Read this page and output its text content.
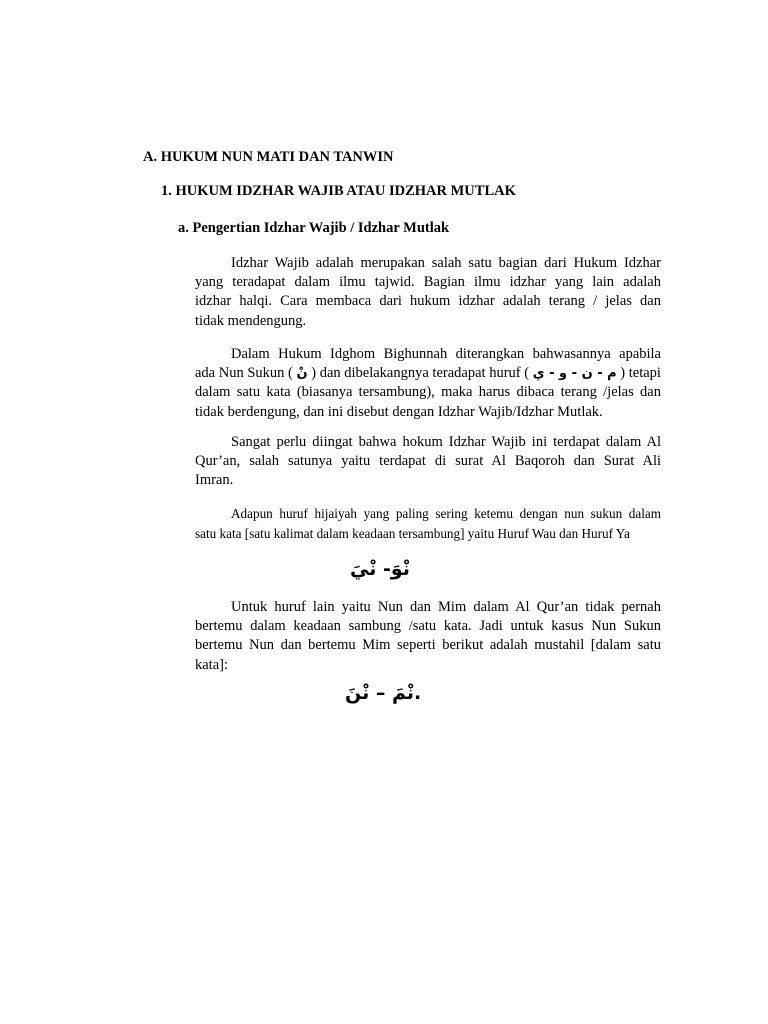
A. HUKUM NUN MATI DAN TANWIN
1. HUKUM IDZHAR WAJIB ATAU IDZHAR MUTLAK
a. Pengertian Idzhar Wajib / Idzhar Mutlak
Idzhar Wajib adalah merupakan salah satu bagian dari Hukum Idzhar
yang teradapat dalam ilmu tajwid. Bagian ilmu idzhar yang lain adalah
idzhar halqi. Cara membaca dari hukum idzhar adalah terang / jelas dan
tidak mendengung.
Dalam Hukum Idghom Bighunnah diterangkan bahwasannya apabila
ada Nun Sukun ( نْ ) dan dibelakangnya teradapat huruf ( م - ن - و - ي ) tetapi
dalam satu kata (biasanya tersambung), maka harus dibaca terang /jelas dan
tidak berdengung, dan ini disebut dengan Idzhar Wajib/Idzhar Mutlak.
Sangat perlu diingat bahwa hokum Idzhar Wajib ini terdapat dalam Al
Qur’an, salah satunya yaitu terdapat di surat Al Baqoroh dan Surat Ali
Imran.
Adapun huruf hijaiyah yang paling sering ketemu dengan nun sukun dalam
satu kata [satu kalimat dalam keadaan tersambung] yaitu Huruf Wau dan Huruf Ya
نْوَ- نْيَ
Untuk huruf lain yaitu Nun dan Mim dalam Al Qur’an tidak pernah
bertemu dalam keadaan sambung /satu kata. Jadi untuk kasus Nun Sukun
bertemu Nun dan bertemu Mim seperti berikut adalah mustahil [dalam satu
kata]:
.نْمَ – نْنَ
